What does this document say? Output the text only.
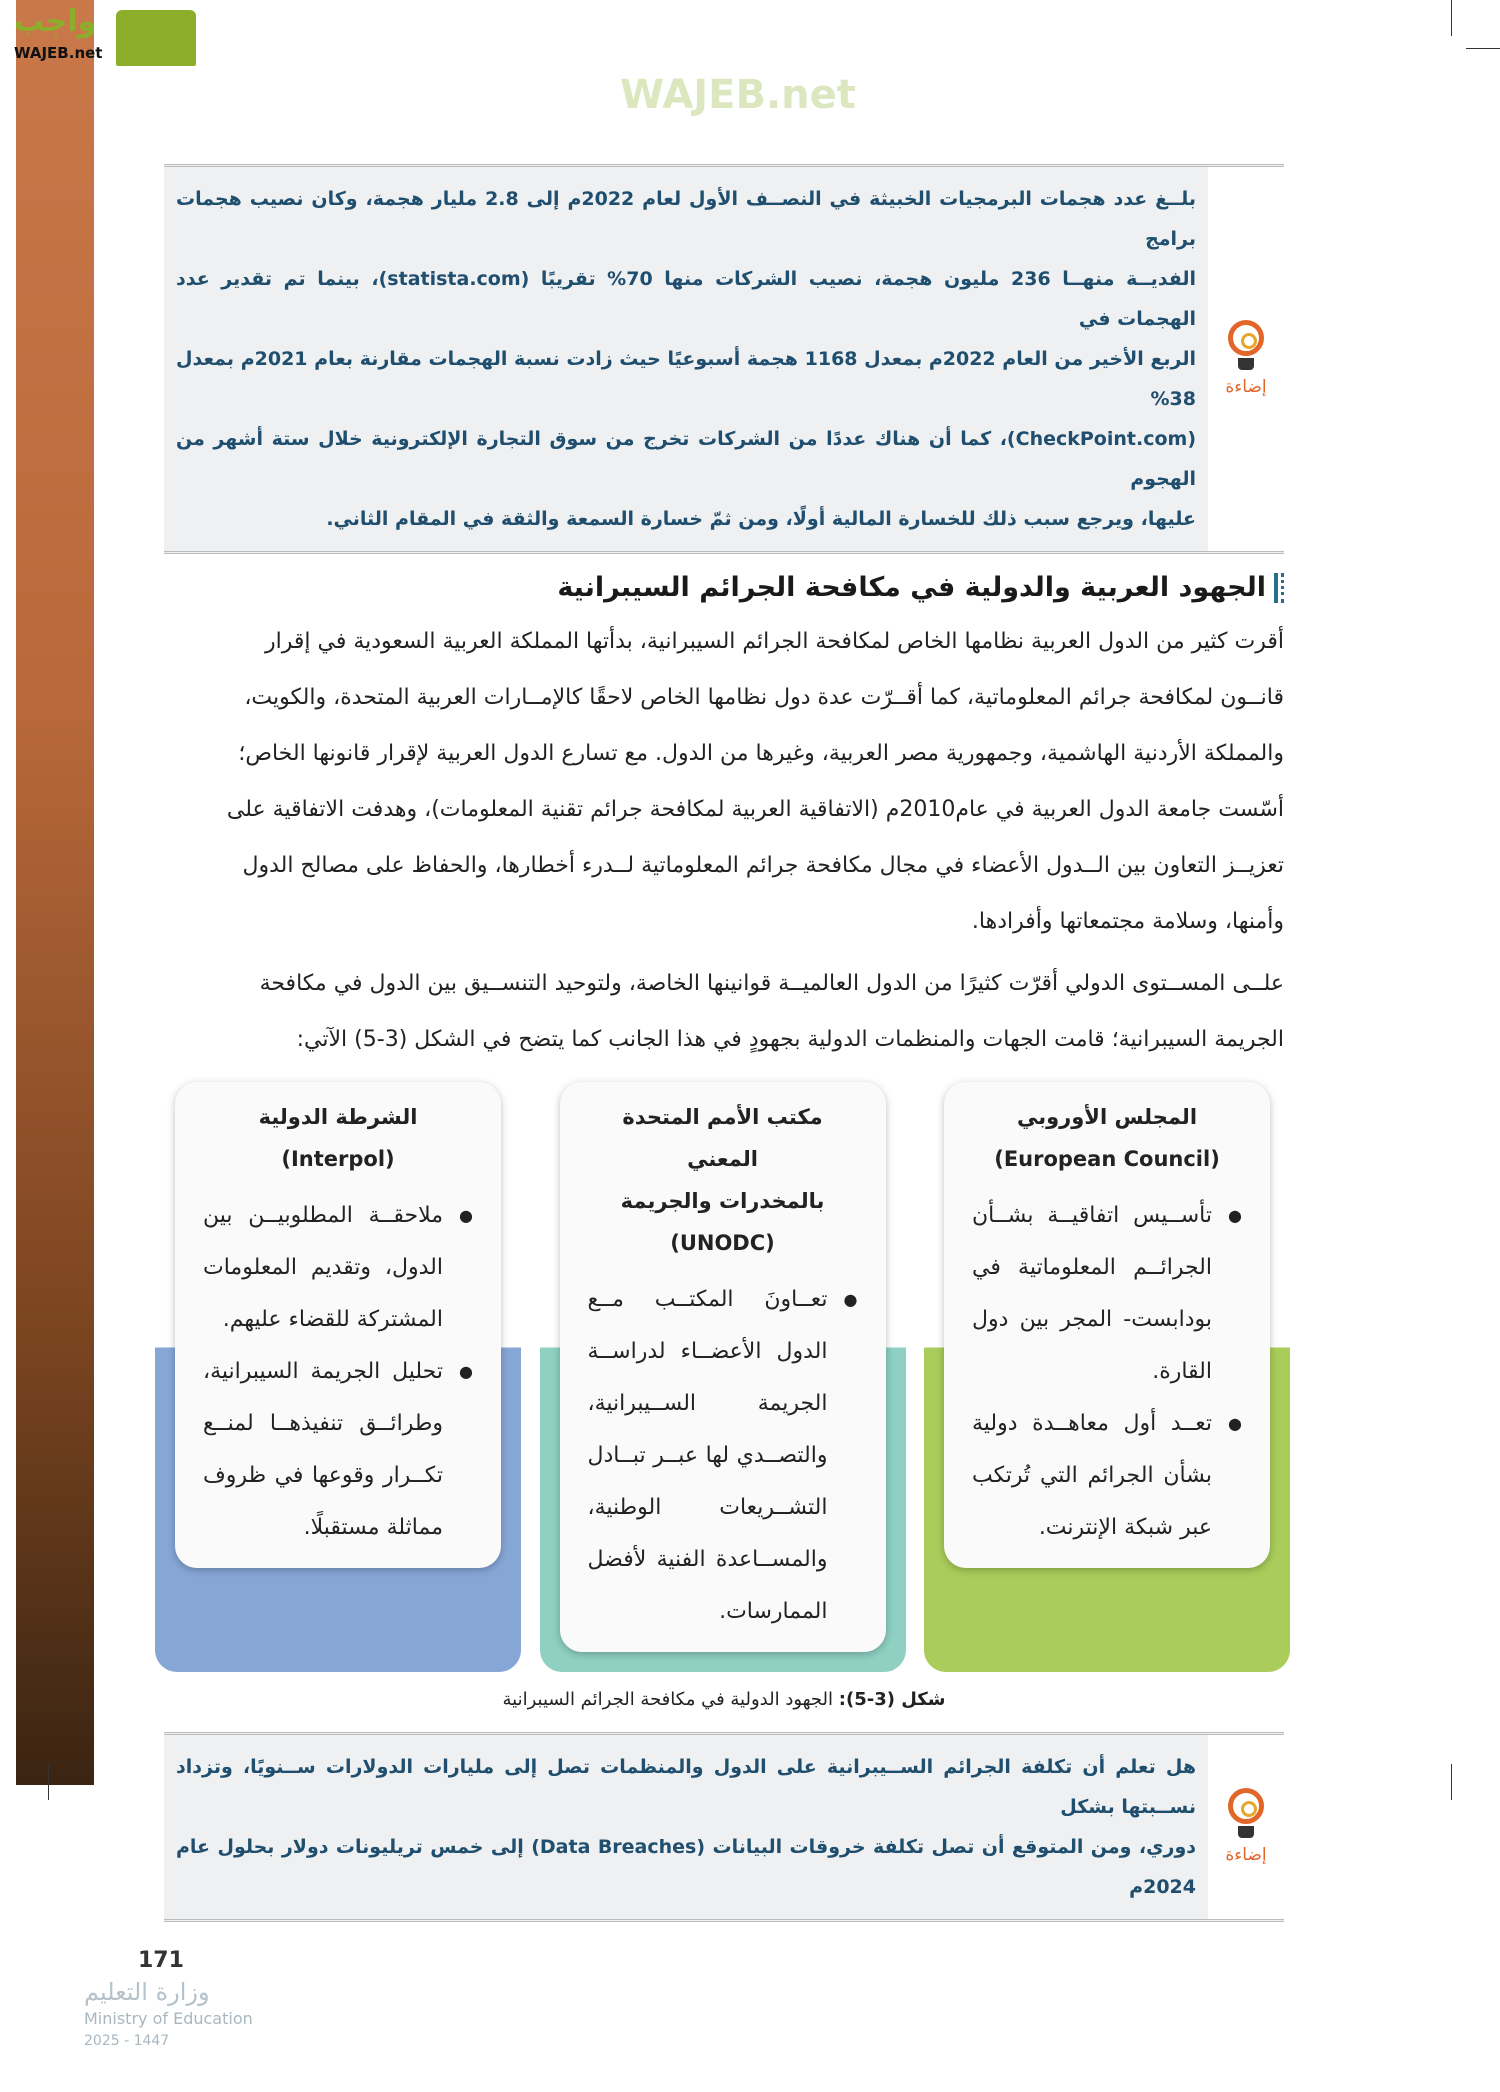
واجب
WAJEB.net
WAJEB.net
إضاءة

بلــغ عدد هجمات البرمجيات الخبيثة في النصــف الأول لعام 2022م إلى 2.8 مليار هجمة، وكان نصيب هجمات برامج

الفديــة منهــا 236 مليون هجمة، نصيب الشركات منها 70% تقريبًا (statista.com)، بينما تم تقدير عدد الهجمات في

الربع الأخير من العام 2022م بمعدل 1168 هجمة أسبوعيًا حيث زادت نسبة الهجمات مقارنة بعام 2021م بمعدل 38%

(CheckPoint.com)، كما أن هناك عددًا من الشركات تخرج من سوق التجارة الإلكترونية خلال ستة أشهر من الهجوم

عليها، ويرجع سبب ذلك للخسارة المالية أولًا، ومن ثمّ خسارة السمعة والثقة في المقام الثاني.

الجهود العربية والدولية في مكافحة الجرائم السيبرانية

أقرت كثير من الدول العربية نظامها الخاص لمكافحة الجرائم السيبرانية، بدأتها المملكة العربية السعودية في إقرار

قانــون لمكافحة جرائم المعلوماتية، كما أقــرّت عدة دول نظامها الخاص لاحقًا كالإمــارات العربية المتحدة، والكويت،

والمملكة الأردنية الهاشمية، وجمهورية مصر العربية، وغيرها من الدول. مع تسارع الدول العربية لإقرار قانونها الخاص؛

أسّست جامعة الدول العربية في عام2010م (الاتفاقية العربية لمكافحة جرائم تقنية المعلومات)، وهدفت الاتفاقية على

تعزيــز التعاون بين الــدول الأعضاء في مجال مكافحة جرائم المعلوماتية لــدرء أخطارها، والحفاظ على مصالح الدول

وأمنها، وسلامة مجتمعاتها وأفرادها.

علــى المســتوى الدولي أقرّت كثيرًا من الدول العالميــة قوانينها الخاصة، ولتوحيد التنســيق بين الدول في مكافحة

الجريمة السيبرانية؛ قامت الجهات والمنظمات الدولية بجهودٍ في هذا الجانب كما يتضح في الشكل (3-5) الآتي:

المجلس الأوروبي
(European Council)
● تأســيس اتفاقيــة بشــأن الجرائــم المعلوماتية في بودابست- المجر بين دول القارة.
● تعــد أول معاهــدة دولية بشأن الجرائم التي تُرتكب عبر شبكة الإنترنت.
مكتب الأمم المتحدة المعني
بالمخدرات والجريمة (UNODC)
● تعــاونَ المكتــب مــع الدول الأعضــاء لدراســة الجريمة الســيبرانية، والتصــدي لها عبــر تبــادل التشــريعات الوطنية، والمســاعدة الفنية لأفضل الممارسات.
الشرطة الدولية
(Interpol)
● ملاحقــة المطلوبيــن بين الدول، وتقديم المعلومات المشتركة للقضاء عليهم.
● تحليل الجريمة السيبرانية، وطرائــق تنفيذهــا لمنــع تكــرار وقوعها في ظروف مماثلة مستقبلًا.
شكل (3-5): الجهود الدولية في مكافحة الجرائم السيبرانية
إضاءة

هل تعلم أن تكلفة الجرائم الســيبرانية على الدول والمنظمات تصل إلى مليارات الدولارات ســنويًا، وتزداد نســبتها بشكل

دوري، ومن المتوقع أن تصل تكلفة خروقات البيانات (Data Breaches) إلى خمس تريليونات دولار بحلول عام 2024م

171
وزارة التعليم
Ministry of Education
2025 - 1447
